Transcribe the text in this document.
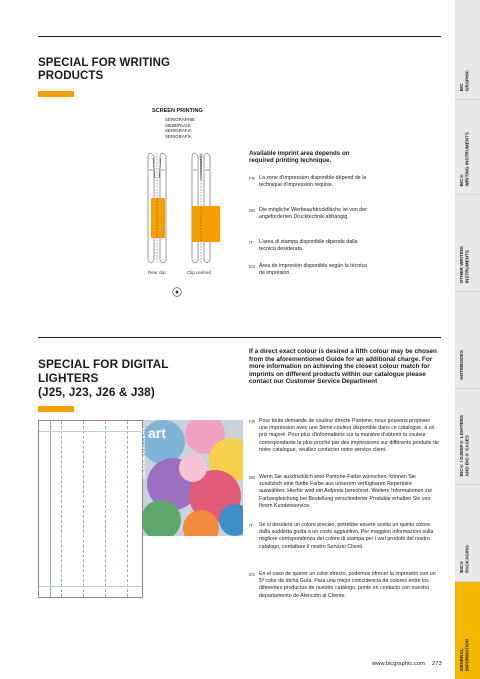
SPECIAL FOR WRITING
PRODUCTS
SCREEN PRINTING
SÉRIGRAPHIE
SIEBDRUCK
SERIGRAFIA
SERIGRAFÍA
Rear clip	Clip centred
Available imprint area depends on required printing technique.
FR La zone d'impression disponible dépend de la technique d'impression requise.
DE Die mögliche Werbeaufdruckfläche ist von der angeforderten Drucktechnik abhängig.
IT	L'area di stampa disponibile dipende dalla tecnica desiderata.
ES Área de impresión disponible según la técnica de impresión.
SPECIAL FOR DIGITAL
LIGHTERS
(J25, J23, J26 & J38)
art
DESIGN GALLERY
If a direct exact colour is desired a fifth colour may be chosen from the aforementioned Guide for an additional charge. For more information on achieving the closest colour match for imprints on different products within our catalogue please contact our Customer Service Department
FR Pour toute demande de couleur directe Pantone, nous pouvons proposer une impression avec une 5ème couleur disponible dans ce catalogue, à un prix majoré. Pour plus d'informations sur la manière d'obtenir la couleur correspondante la plus proche par des impressions sur différents produits de notre catalogue, veuillez contacter notre service client.
DE Wenn Sie ausdrücklich eine Pantone-Farbe wünschen, können Sie zusätzlich eine fünfte Farbe aus unserem verfügbaren Repertoire auswählen. Hierfür wird ein Aufpreis berechnet. Weitere Informationen zur Farbangleichung bei Bestellung verschiedener Produkte erhalten Sie von Ihrem Kundenservice.
IT	Se si desidera un colore preciso, potrebbe essere scelto un quinto colore dalla suddetta guida a un costo aggiuntivo. Per maggiori informazioni sulla migliore corrispondenza del colore di stampa per i vari prodotti del nostro catalogo, contattare il nostro Servizio Clienti.
ES En el caso de querer un color directo, podemos ofrecer la impresión con un 5º color de dicha Guía. Para una mejor coincidencia de colores entre los diferentes productos de nuestro catálogo, ponte en contacto con nuestro departamento de Atención al Cliente.
www.bicgraphic.com 273
BIC
GRAPHIC
BIC®
WRITING INSTRUMENTS
OTHER WRITING
INSTRUMENTS
NOTEBOOKS
BIC® / DJEEP® LIGHTERS
AND BIC® CASES
BIC®
PACKAGING
GENERAL
INFORMATION
